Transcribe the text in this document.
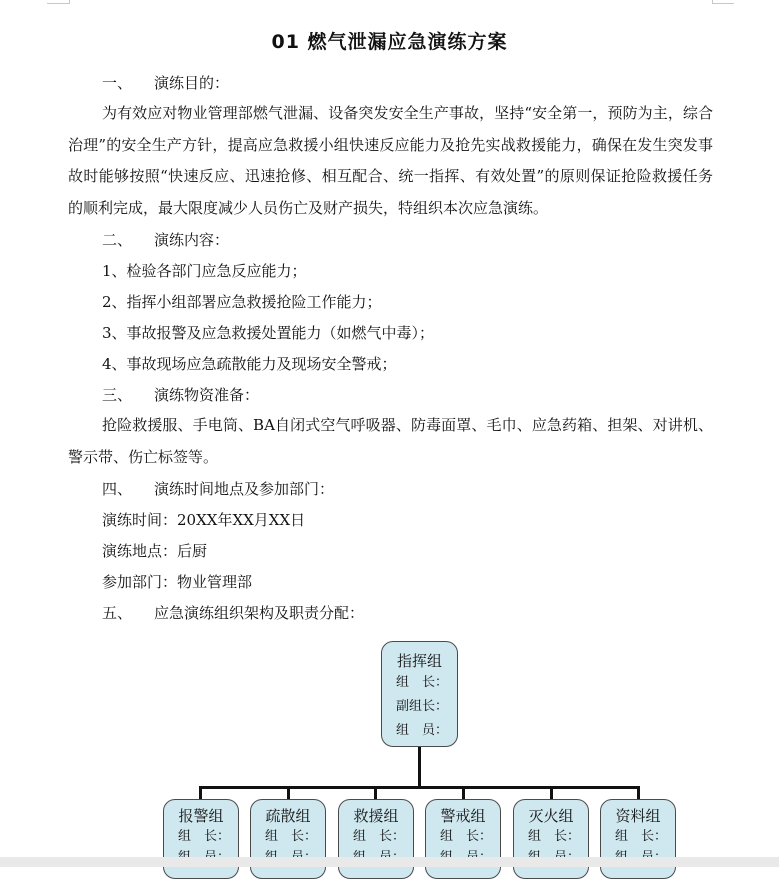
01 燃气泄漏应急演练方案
一、 演练目的：
为有效应对物业管理部燃气泄漏、设备突发安全生产事故，坚持“安全第一，预防为主，综合治理”的安全生产方针，提高应急救援小组快速反应能力及抢先实战救援能力，确保在发生突发事故时能够按照“快速反应、迅速抢修、相互配合、统一指挥、有效处置”的原则保证抢险救援任务的顺利完成，最大限度减少人员伤亡及财产损失，特组织本次应急演练。
二、 演练内容：
1、检验各部门应急反应能力；
2、指挥小组部署应急救援抢险工作能力；
3、事故报警及应急救援处置能力（如燃气中毒）；
4、事故现场应急疏散能力及现场安全警戒；
三、 演练物资准备：
抢险救援服、手电筒、BA自闭式空气呼吸器、防毒面罩、毛巾、应急药箱、担架、对讲机、警示带、伤亡标签等。
四、 演练时间地点及参加部门：
演练时间：20XX年XX月XX日
演练地点：后厨
参加部门：物业管理部
五、 应急演练组织架构及职责分配：
指挥组
组　长：
副组长：
组　员：
报警组
组　长：
疏散组
组　长：
救援组
组　长：
警戒组
组　长：
灭火组
组　长：
资料组
组　长：
